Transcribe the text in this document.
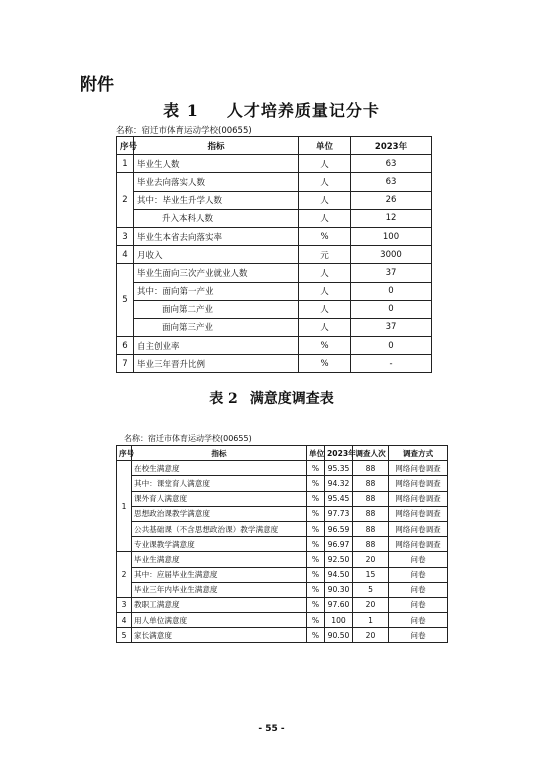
附件
表 1 人才培养质量记分卡
名称：宿迁市体育运动学校(00655)
序号	指标	单位	2023年
1	毕业生人数	人	63
2	毕业去向落实人数	人	63
	其中：毕业生升学人数	人	26
	升入本科人数	人	12
3	毕业生本省去向落实率	%	100
4	月收入	元	3000
5	毕业生面向三次产业就业人数	人	37
	其中：面向第一产业	人	0
	面向第二产业	人	0
	面向第三产业	人	37
6	自主创业率	%	0
7	毕业三年晋升比例	%	-
表 2 满意度调查表
名称：宿迁市体育运动学校(00655)
序号	指标	单位	2023年	调查人次	调查方式
1	在校生满意度	%	95.35	88	网络问卷调查
	其中：课堂育人满意度	%	94.32	88	网络问卷调查
	课外育人满意度	%	95.45	88	网络问卷调查
	思想政治课教学满意度	%	97.73	88	网络问卷调查
	公共基础课（不含思想政治课）教学满意度	%	96.59	88	网络问卷调查
	专业课教学满意度	%	96.97	88	网络问卷调查
2	毕业生满意度	%	92.50	20	问卷
	其中：应届毕业生满意度	%	94.50	15	问卷
	毕业三年内毕业生满意度	%	90.30	5	问卷
3	教职工满意度	%	97.60	20	问卷
4	用人单位满意度	%	100	1	问卷
5	家长满意度	%	90.50	20	问卷
- 55 -
